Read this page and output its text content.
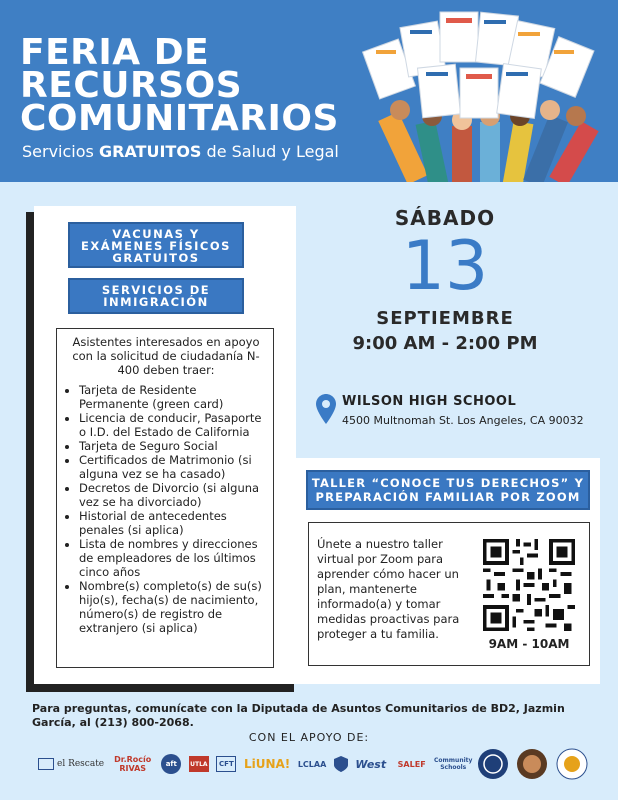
FERIA DE
RECURSOS
COMUNITARIOS
Servicios GRATUITOS de Salud y Legal
VACUNAS Y EXÁMENES FÍSICOS GRATUITOS
SERVICIOS DE INMIGRACIÓN
Asistentes interesados en apoyo con la solicitud de ciudadanía N-400 deben traer:
• Tarjeta de Residente Permanente (green card)
• Licencia de conducir, Pasaporte o I.D. del Estado de California
• Tarjeta de Seguro Social
• Certificados de Matrimonio (si alguna vez se ha casado)
• Decretos de Divorcio (si alguna vez se ha divorciado)
• Historial de antecedentes penales (si aplica)
• Lista de nombres y direcciones de empleadores de los últimos cinco años
• Nombre(s) completo(s) de su(s) hijo(s), fecha(s) de nacimiento, número(s) de registro de extranjero (si aplica)
SÁBADO
13
SEPTIEMBRE
9:00 AM - 2:00 PM
WILSON HIGH SCHOOL
4500 Multnomah St. Los Angeles, CA 90032
TALLER “CONOCE TUS DERECHOS” Y PREPARACIÓN FAMILIAR POR ZOOM
Únete a nuestro taller virtual por Zoom para aprender cómo hacer un plan, mantenerte informado(a) y tomar medidas proactivas para proteger a tu familia.
9AM - 10AM
Para preguntas, comunícate con la Diputada de Asuntos Comunitarios de BD2, Jazmin García, al (213) 800-2068.
CON EL APOYO DE:
el Rescate	Dr.Rocío RIVAS	aft	UTLA	CFT LiUNA! LCLAA	West	SALEF	Community Schools
